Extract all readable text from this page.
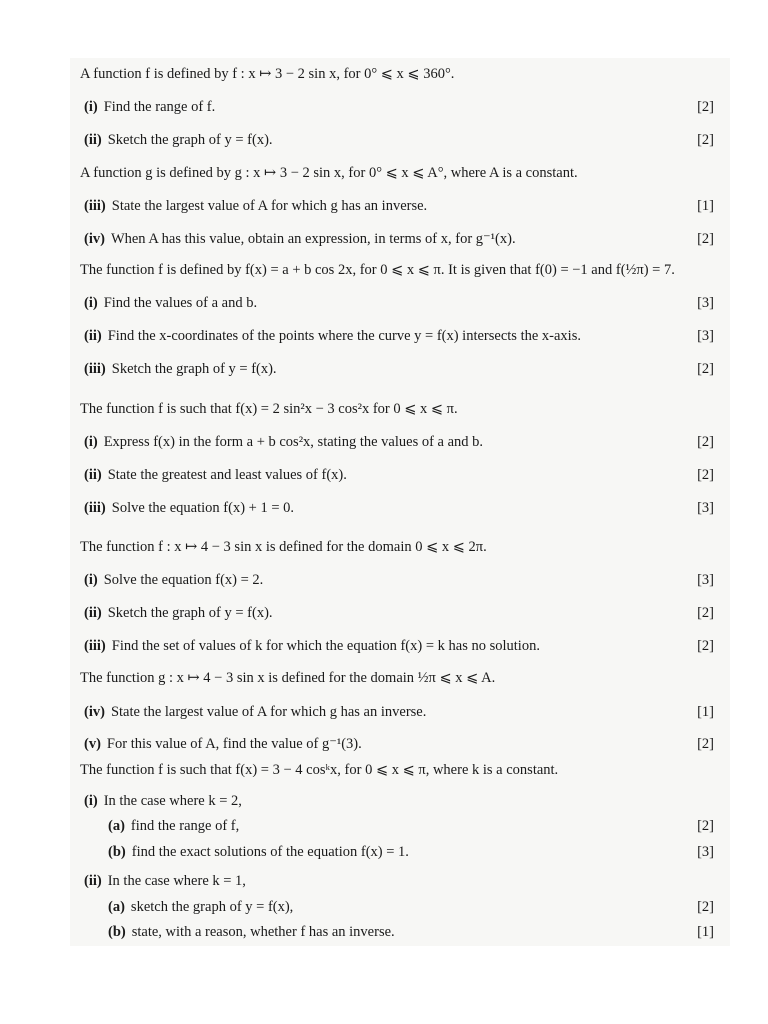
A function f is defined by f : x ↦ 3 − 2 sin x, for 0° ⩽ x ⩽ 360°.
(i) Find the range of f.	[2]
(ii) Sketch the graph of y = f(x).	[2]
A function g is defined by g : x ↦ 3 − 2 sin x, for 0° ⩽ x ⩽ A°, where A is a constant.
(iii) State the largest value of A for which g has an inverse.	[1]
(iv) When A has this value, obtain an expression, in terms of x, for g⁻¹(x).	[2]
The function f is defined by f(x) = a + b cos 2x, for 0 ⩽ x ⩽ π. It is given that f(0) = −1 and f(½π) = 7.
(i) Find the values of a and b.	[3]
(ii) Find the x-coordinates of the points where the curve y = f(x) intersects the x-axis.	[3]
(iii) Sketch the graph of y = f(x).	[2]
The function f is such that f(x) = 2 sin²x − 3 cos²x for 0 ⩽ x ⩽ π.
(i) Express f(x) in the form a + b cos²x, stating the values of a and b.	[2]
(ii) State the greatest and least values of f(x).	[2]
(iii) Solve the equation f(x) + 1 = 0.	[3]
The function f : x ↦ 4 − 3 sin x is defined for the domain 0 ⩽ x ⩽ 2π.
(i) Solve the equation f(x) = 2.	[3]
(ii) Sketch the graph of y = f(x).	[2]
(iii) Find the set of values of k for which the equation f(x) = k has no solution.	[2]
The function g : x ↦ 4 − 3 sin x is defined for the domain ½π ⩽ x ⩽ A.
(iv) State the largest value of A for which g has an inverse.	[1]
(v) For this value of A, find the value of g⁻¹(3).	[2]
The function f is such that f(x) = 3 − 4 cosᵏx, for 0 ⩽ x ⩽ π, where k is a constant.
(i) In the case where k = 2,
(a) find the range of f,	[2]
(b) find the exact solutions of the equation f(x) = 1.	[3]
(ii) In the case where k = 1,
(a) sketch the graph of y = f(x),	[2]
(b) state, with a reason, whether f has an inverse.	[1]
